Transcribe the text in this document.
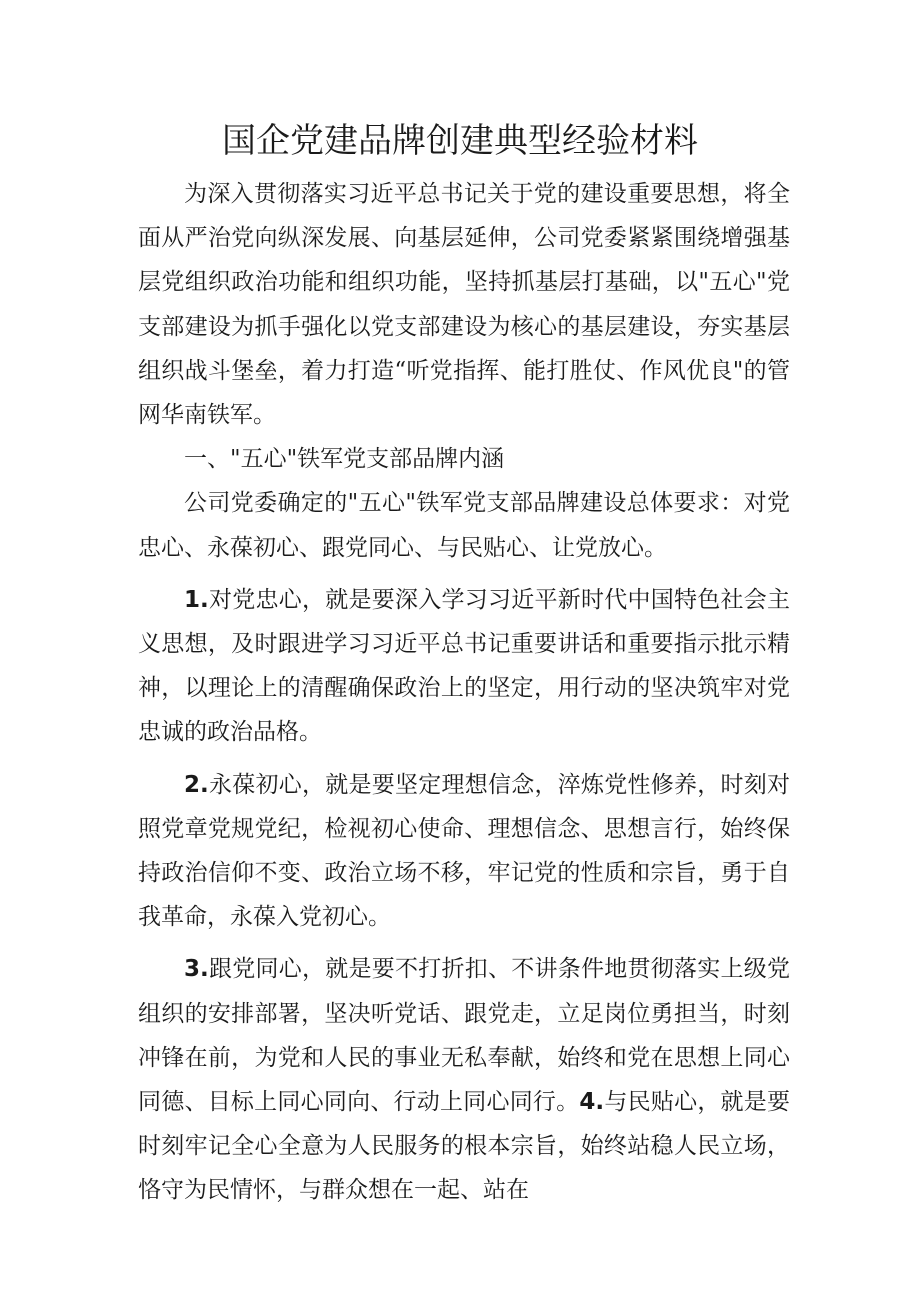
国企党建品牌创建典型经验材料

为深入贯彻落实习近平总书记关于党的建设重要思想，将全面从严治党向纵深发展、向基层延伸，公司党委紧紧围绕增强基层党组织政治功能和组织功能，坚持抓基层打基础，以"五心"党支部建设为抓手强化以党支部建设为核心的基层建设，夯实基层组织战斗堡垒，着力打造“听党指挥、能打胜仗、作风优良"的管网华南铁军。

一、"五心"铁军党支部品牌内涵

公司党委确定的"五心"铁军党支部品牌建设总体要求：对党忠心、永葆初心、跟党同心、与民贴心、让党放心。

1.对党忠心，就是要深入学习习近平新时代中国特色社会主义思想，及时跟进学习习近平总书记重要讲话和重要指示批示精神，以理论上的清醒确保政治上的坚定，用行动的坚决筑牢对党忠诚的政治品格。

2.永葆初心，就是要坚定理想信念，淬炼党性修养，时刻对照党章党规党纪，检视初心使命、理想信念、思想言行，始终保持政治信仰不变、政治立场不移，牢记党的性质和宗旨，勇于自我革命，永葆入党初心。

3.跟党同心，就是要不打折扣、不讲条件地贯彻落实上级党组织的安排部署，坚决听党话、跟党走，立足岗位勇担当，时刻冲锋在前，为党和人民的事业无私奉献，始终和党在思想上同心同德、目标上同心同向、行动上同心同行。4.与民贴心，就是要时刻牢记全心全意为人民服务的根本宗旨，始终站稳人民立场，恪守为民情怀，与群众想在一起、站在
